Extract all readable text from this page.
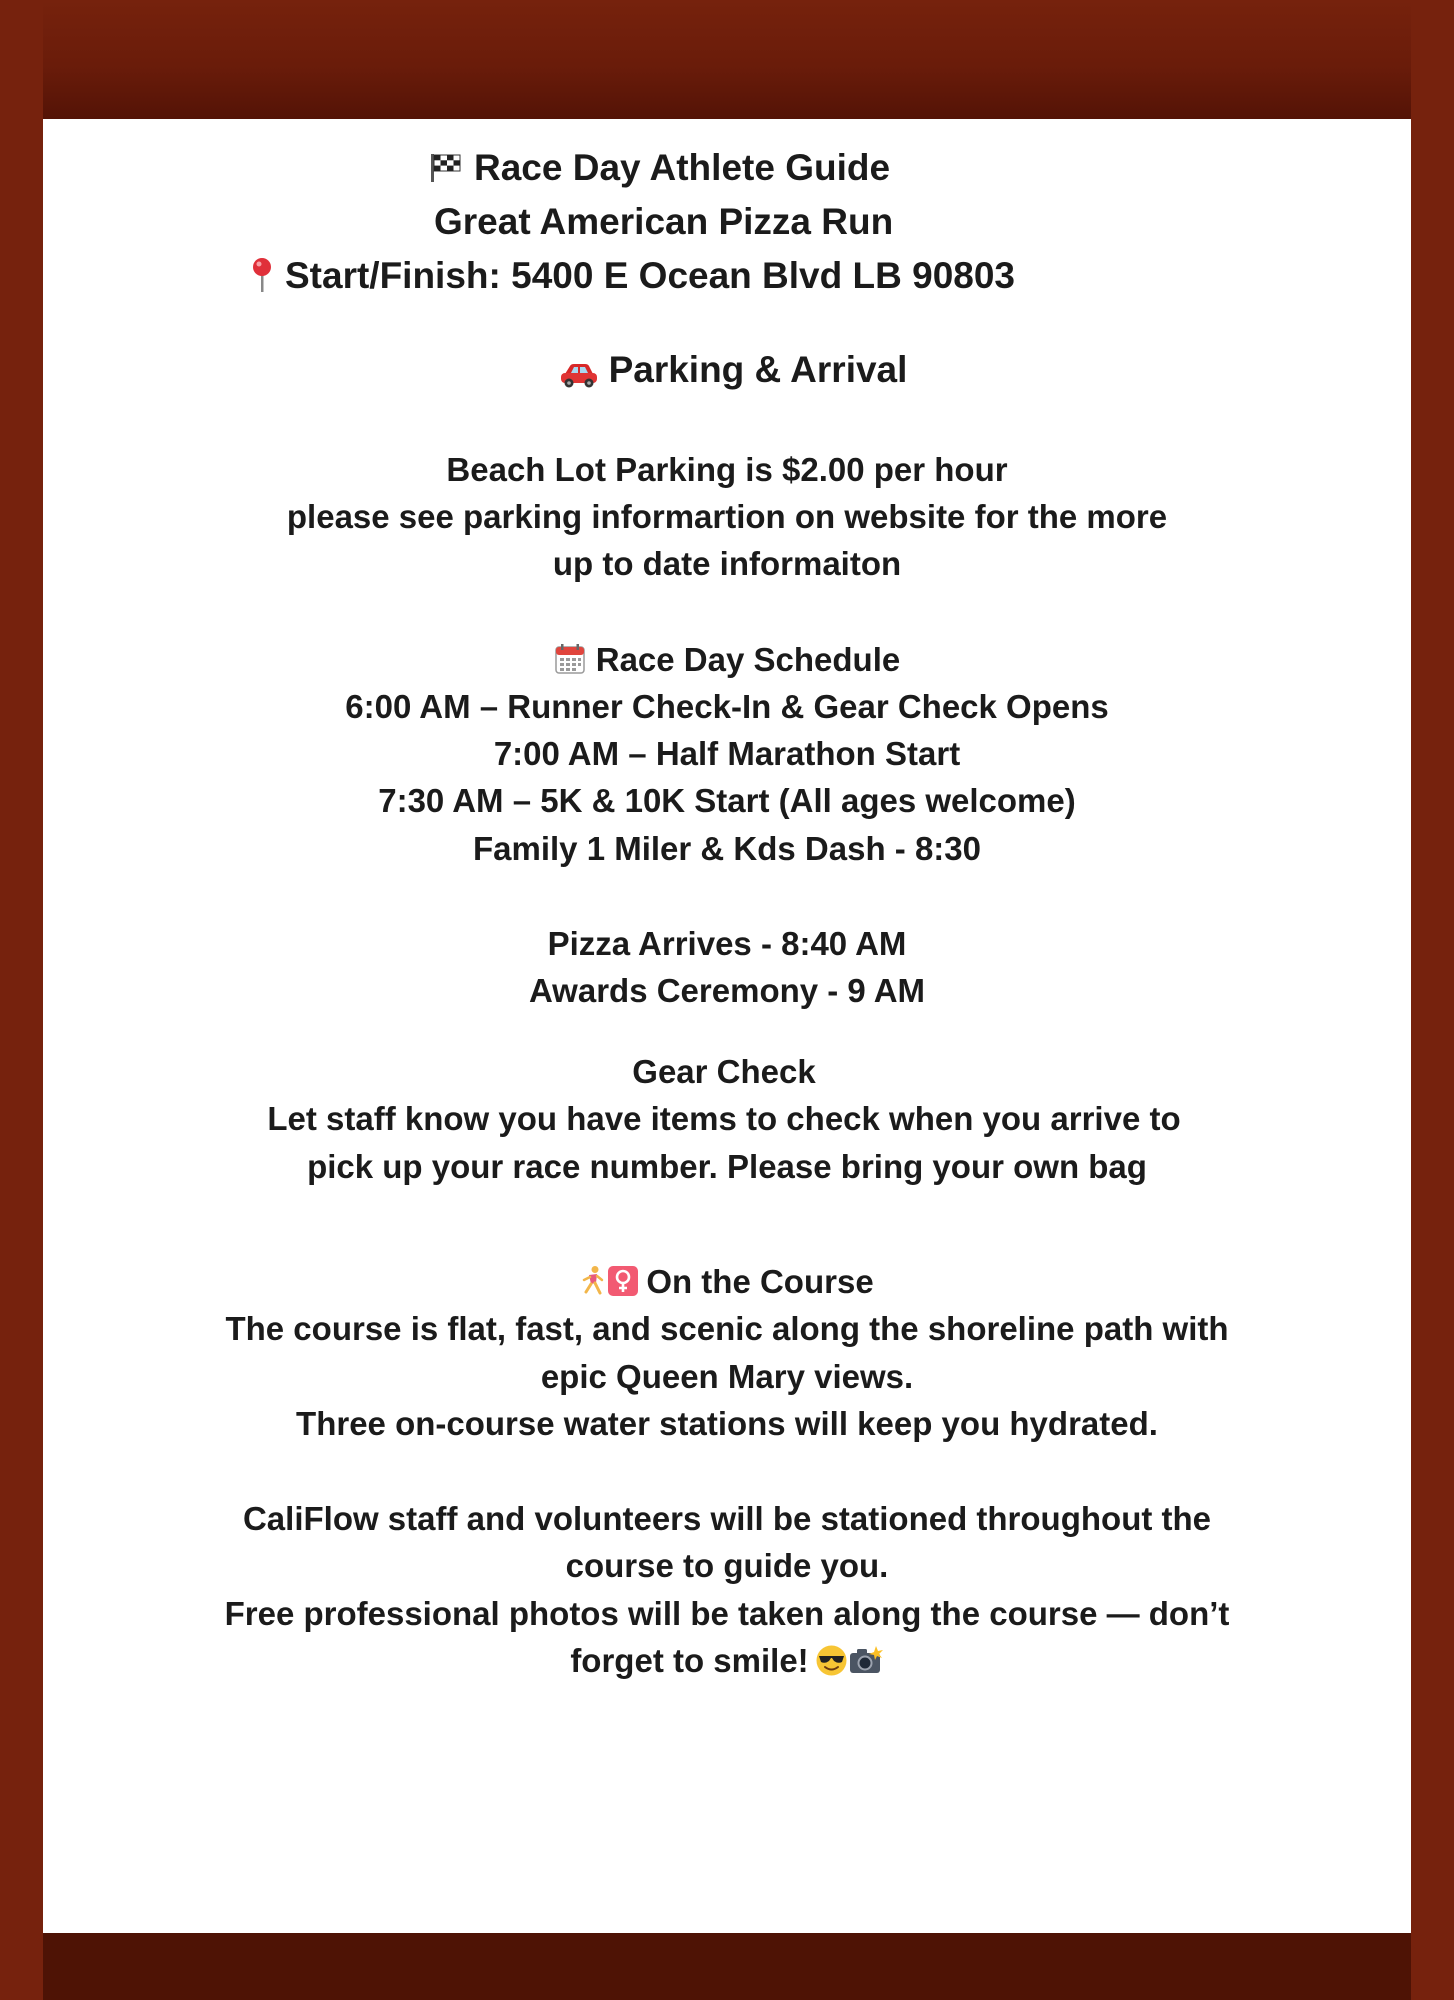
Race Day Athlete Guide
Great American Pizza Run
Start/Finish: 5400 E Ocean Blvd LB 90803
Parking & Arrival
Beach Lot Parking is $2.00 per hour
please see parking informartion on website for the more
up to date informaiton
Race Day Schedule
6:00 AM – Runner Check-In & Gear Check Opens
7:00 AM – Half Marathon Start
7:30 AM – 5K & 10K Start (All ages welcome)
Family 1 Miler & Kds Dash - 8:30
Pizza Arrives - 8:40 AM
Awards Ceremony - 9 AM
Gear Check
Let staff know you have items to check when you arrive to
pick up your race number. Please bring your own bag
On the Course
The course is flat, fast, and scenic along the shoreline path with
epic Queen Mary views.
Three on-course water stations will keep you hydrated.
CaliFlow staff and volunteers will be stationed throughout the
course to guide you.
Free professional photos will be taken along the course — don’t
forget to smile!
